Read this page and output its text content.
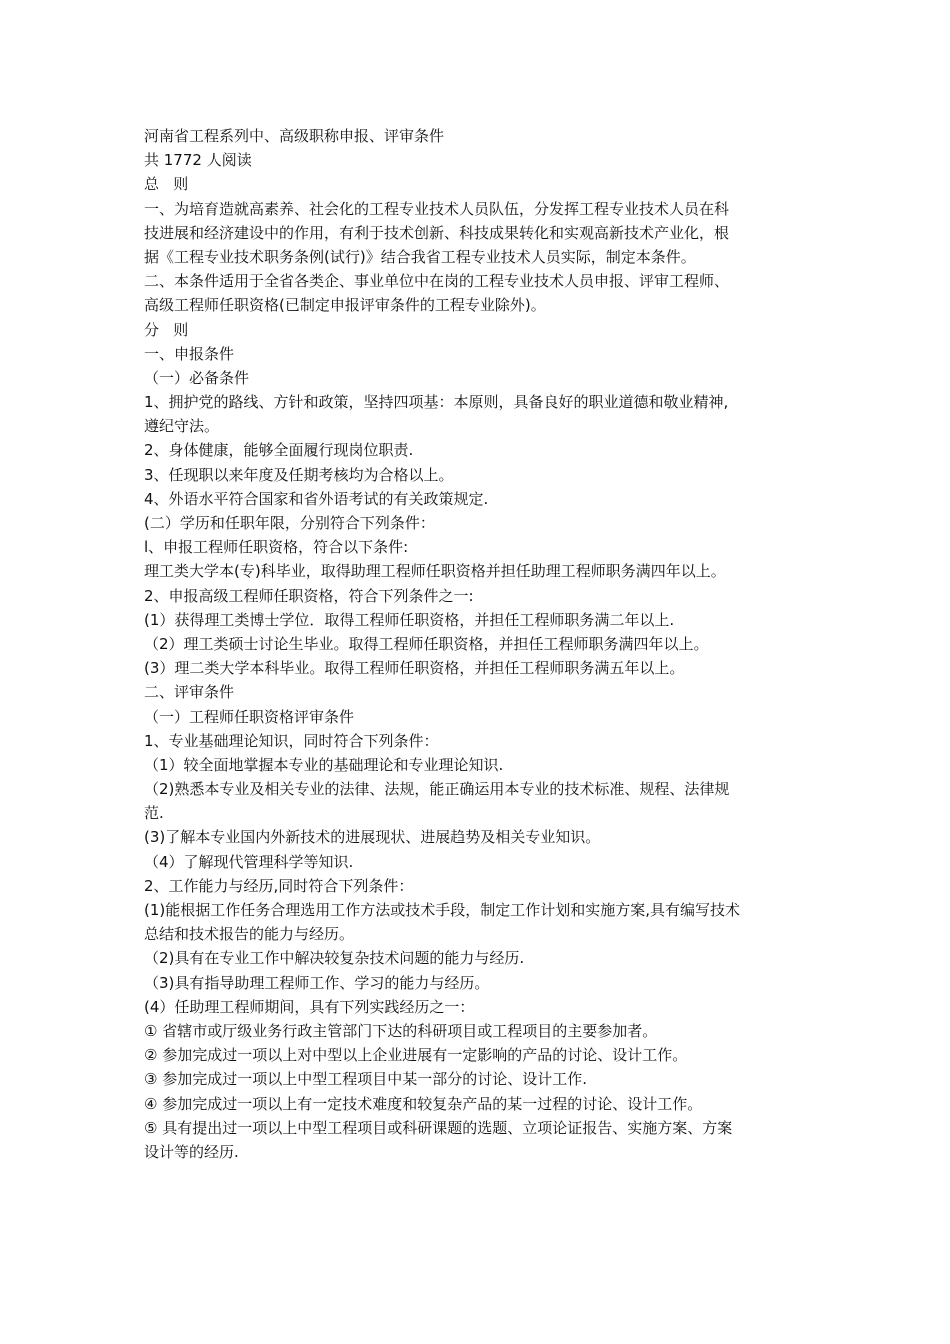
河南省工程系列中、高级职称申报、评审条件
共 1772 人阅读
总   则
一、为培育造就高素养、社会化的工程专业技术人员队伍，分发挥工程专业技术人员在科
技进展和经济建设中的作用，有利于技术创新、科技成果转化和实观高新技术产业化，根
据《工程专业技术职务条例(试行)》结合我省工程专业技术人员实际，制定本条件。
二、本条件适用于全省各类企、事业单位中在岗的工程专业技术人员申报、评审工程师、
高级工程师任职资格(已制定申报评审条件的工程专业除外)。
分   则
一、申报条件
（一）必备条件
1、拥护党的路线、方针和政策，坚持四项基：本原则，具备良好的职业道德和敬业精神,
遵纪守法。
2、身体健康，能够全面履行现岗位职责.
3、任现职以来年度及任期考核均为合格以上。
4、外语水平符合国家和省外语考试的有关政策规定.
(二）学历和任职年限，分别符合下列条件：
l、申报工程师任职资格，符合以下条件:
理工类大学本(专)科毕业，取得助理工程师任职资格并担任助理工程师职务满四年以上。
2、申报高级工程师任职资格，符合下列条件之一:
(1）获得理工类博士学位．取得工程师任职资格，并担任工程师职务满二年以上.
（2）理工类硕士讨论生毕业。取得工程师任职资格，并担任工程师职务满四年以上。
(3）理二类大学本科毕业。取得工程师任职资格，并担任工程师职务满五年以上。
二、评审条件
（一）工程师任职资格评审条件
1、专业基础理论知识，同时符合下列条件：
（1）较全面地掌握本专业的基础理论和专业理论知识.
（2)熟悉本专业及相关专业的法律、法规，能正确运用本专业的技术标准、规程、法律规
范.
(3)了解本专业国内外新技术的进展现状、进展趋势及相关专业知识。
（4）了解现代管理科学等知识.
2、工作能力与经历,同时符合下列条件：
(1)能根据工作任务合理选用工作方法或技术手段，制定工作计划和实施方案,具有编写技术
总结和技术报告的能力与经历。
（2)具有在专业工作中解决较复杂技术问题的能力与经历.
（3)具有指导助理工程师工作、学习的能力与经历。
(4）任助理工程师期间，具有下列实践经历之一：
① 省辖市或厅级业务行政主管部门下达的科研项目或工程项目的主要参加者。
② 参加完成过一项以上对中型以上企业进展有一定影响的产品的讨论、设计工作。
③ 参加完成过一项以上中型工程项目中某一部分的讨论、设计工作.
④ 参加完成过一项以上有一定技术难度和较复杂产品的某一过程的讨论、设计工作。
⑤ 具有提出过一项以上中型工程项目或科研课题的选题、立项论证报告、实施方案、方案
设计等的经历.
